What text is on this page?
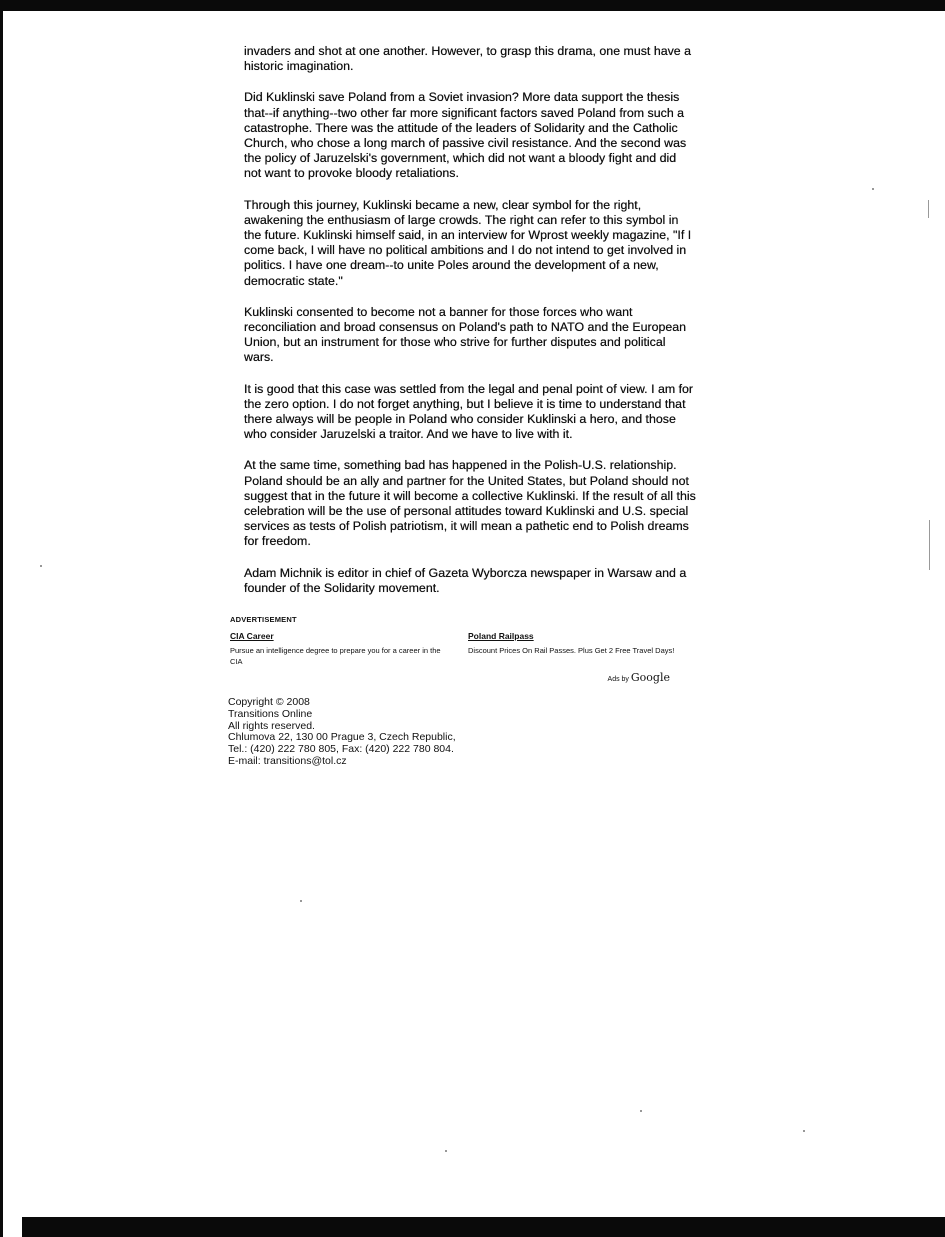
invaders and shot at one another. However, to grasp this drama, one must have a historic imagination.

Did Kuklinski save Poland from a Soviet invasion? More data support the thesis that--if anything--two other far more significant factors saved Poland from such a catastrophe. There was the attitude of the leaders of Solidarity and the Catholic Church, who chose a long march of passive civil resistance. And the second was the policy of Jaruzelski's government, which did not want a bloody fight and did not want to provoke bloody retaliations.

Through this journey, Kuklinski became a new, clear symbol for the right, awakening the enthusiasm of large crowds. The right can refer to this symbol in the future. Kuklinski himself said, in an interview for Wprost weekly magazine, "If I come back, I will have no political ambitions and I do not intend to get involved in politics. I have one dream--to unite Poles around the development of a new, democratic state."

Kuklinski consented to become not a banner for those forces who want reconciliation and broad consensus on Poland's path to NATO and the European Union, but an instrument for those who strive for further disputes and political wars.

It is good that this case was settled from the legal and penal point of view. I am for the zero option. I do not forget anything, but I believe it is time to understand that there always will be people in Poland who consider Kuklinski a hero, and those who consider Jaruzelski a traitor. And we have to live with it.

At the same time, something bad has happened in the Polish-U.S. relationship. Poland should be an ally and partner for the United States, but Poland should not suggest that in the future it will become a collective Kuklinski. If the result of all this celebration will be the use of personal attitudes toward Kuklinski and U.S. special services as tests of Polish patriotism, it will mean a pathetic end to Polish dreams for freedom.

Adam Michnik is editor in chief of Gazeta Wyborcza newspaper in Warsaw and a founder of the Solidarity movement.

ADVERTISEMENT
CIA Career
Pursue an intelligence degree to prepare you for a career in the CIA
Poland Railpass
Discount Prices On Rail Passes. Plus Get 2 Free Travel Days!
Ads by Google
Copyright © 2008
Transitions Online
All rights reserved.
Chlumova 22, 130 00 Prague 3, Czech Republic,
Tel.: (420) 222 780 805, Fax: (420) 222 780 804.
E-mail: transitions@tol.cz
